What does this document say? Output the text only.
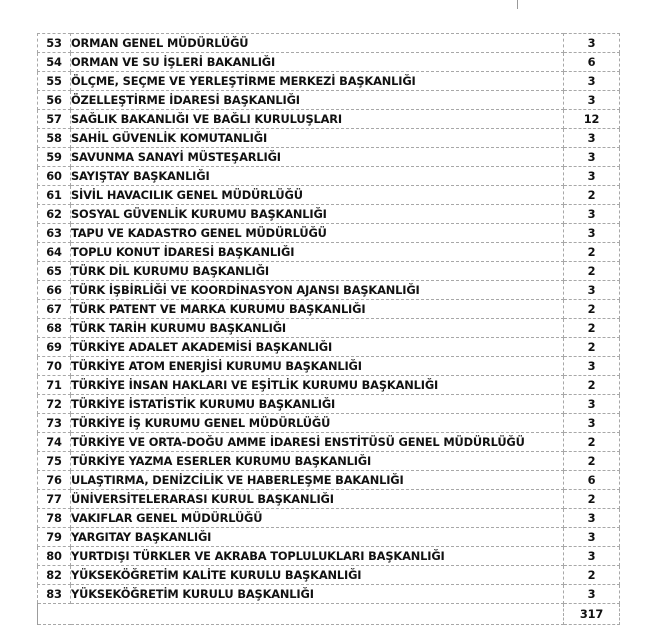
53	ORMAN GENEL MÜDÜRLÜĞÜ	3
54	ORMAN VE SU İŞLERİ BAKANLIĞI	6
55	ÖLÇME, SEÇME VE YERLEŞTİRME MERKEZİ BAŞKANLIĞI	3
56	ÖZELLEŞTİRME İDARESİ BAŞKANLIĞI	3
57	SAĞLIK BAKANLIĞI VE BAĞLI KURULUŞLARI	12
58	SAHİL GÜVENLİK KOMUTANLIĞI	3
59	SAVUNMA SANAYİ MÜSTEŞARLIĞI	3
60	SAYIŞTAY BAŞKANLIĞI	3
61	SİVİL HAVACILIK GENEL MÜDÜRLÜĞÜ	2
62	SOSYAL GÜVENLİK KURUMU BAŞKANLIĞI	3
63	TAPU VE KADASTRO GENEL MÜDÜRLÜĞÜ	3
64	TOPLU KONUT İDARESİ BAŞKANLIĞI	2
65	TÜRK DİL KURUMU BAŞKANLIĞI	2
66	TÜRK İŞBİRLİĞİ VE KOORDİNASYON AJANSI BAŞKANLIĞI	3
67	TÜRK PATENT VE MARKA KURUMU BAŞKANLIĞI	2
68	TÜRK TARİH KURUMU BAŞKANLIĞI	2
69	TÜRKİYE ADALET AKADEMİSİ BAŞKANLIĞI	2
70	TÜRKİYE ATOM ENERJİSİ KURUMU BAŞKANLIĞI	3
71	TÜRKİYE İNSAN HAKLARI VE EŞİTLİK KURUMU BAŞKANLIĞI	2
72	TÜRKİYE İSTATİSTİK KURUMU BAŞKANLIĞI	3
73	TÜRKİYE İŞ KURUMU GENEL MÜDÜRLÜĞÜ	3
74	TÜRKİYE VE ORTA-DOĞU AMME İDARESİ ENSTİTÜSÜ GENEL MÜDÜRLÜĞÜ	2
75	TÜRKİYE YAZMA ESERLER KURUMU BAŞKANLIĞI	2
76	ULAŞTIRMA, DENİZCİLİK VE HABERLEŞME BAKANLIĞI	6
77	ÜNİVERSİTELERARASI KURUL BAŞKANLIĞI	2
78	VAKIFLAR GENEL MÜDÜRLÜĞÜ	3
79	YARGITAY BAŞKANLIĞI	3
80	YURTDIŞI TÜRKLER VE AKRABA TOPLULUKLARI BAŞKANLIĞI	3
82	YÜKSEKÖĞRETİM KALİTE KURULU BAŞKANLIĞI	2
83	YÜKSEKÖĞRETİM KURULU BAŞKANLIĞI	3
		317
